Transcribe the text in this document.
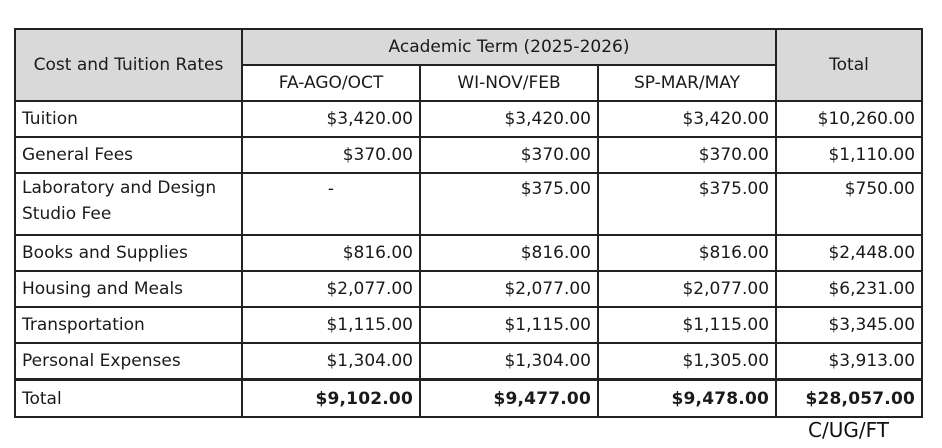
Cost and Tuition Rates	Academic Term (2025-2026)			Total
	FA-AGO/OCT	WI-NOV/FEB	SP-MAR/MAY	
Tuition	$3,420.00	$3,420.00	$3,420.00	$10,260.00
General Fees	$370.00	$370.00	$370.00	$1,110.00
Laboratory and Design Studio Fee	-	$375.00	$375.00	$750.00
Books and Supplies	$816.00	$816.00	$816.00	$2,448.00
Housing and Meals	$2,077.00	$2,077.00	$2,077.00	$6,231.00
Transportation	$1,115.00	$1,115.00	$1,115.00	$3,345.00
Personal Expenses	$1,304.00	$1,304.00	$1,305.00	$3,913.00
Total	$9,102.00	$9,477.00	$9,478.00	$28,057.00
C/UG/FT
